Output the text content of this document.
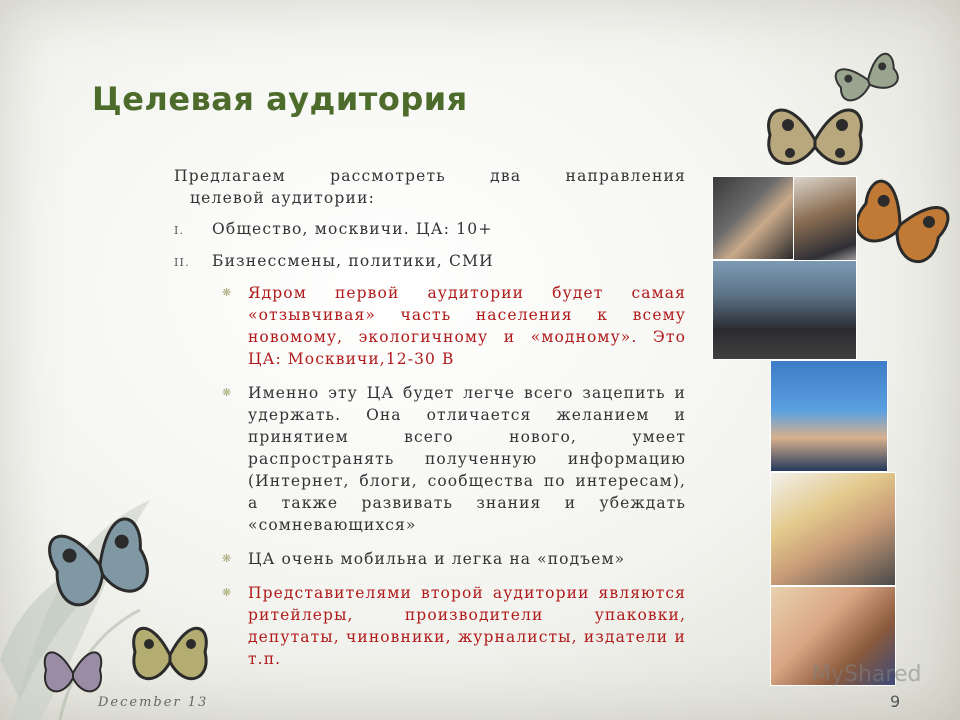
Целевая аудитория
Предлагаем рассмотреть два направления
целевой аудитории:
I. Общество, москвичи. ЦА: 10+
II. Бизнессмены, политики, СМИ
❋ Ядром первой аудитории будет самая «отзывчивая» часть населения к всему новомому, экологичному и «модному». Это ЦА: Москвичи,12-30 В
❋ Именно эту ЦА будет легче всего зацепить и удержать. Она отличается желанием и принятием всего нового, умеет распространять полученную информацию (Интернет, блоги, сообщества по интересам), а также развивать знания и убеждать «сомневающихся»
❋ ЦА очень мобильна и легка на «подъем»
❋ Представителями второй аудитории являются ритейлеры, производители упаковки, депутаты, чиновники, журналисты, издатели и т.п.
MyShared
December 13	9
